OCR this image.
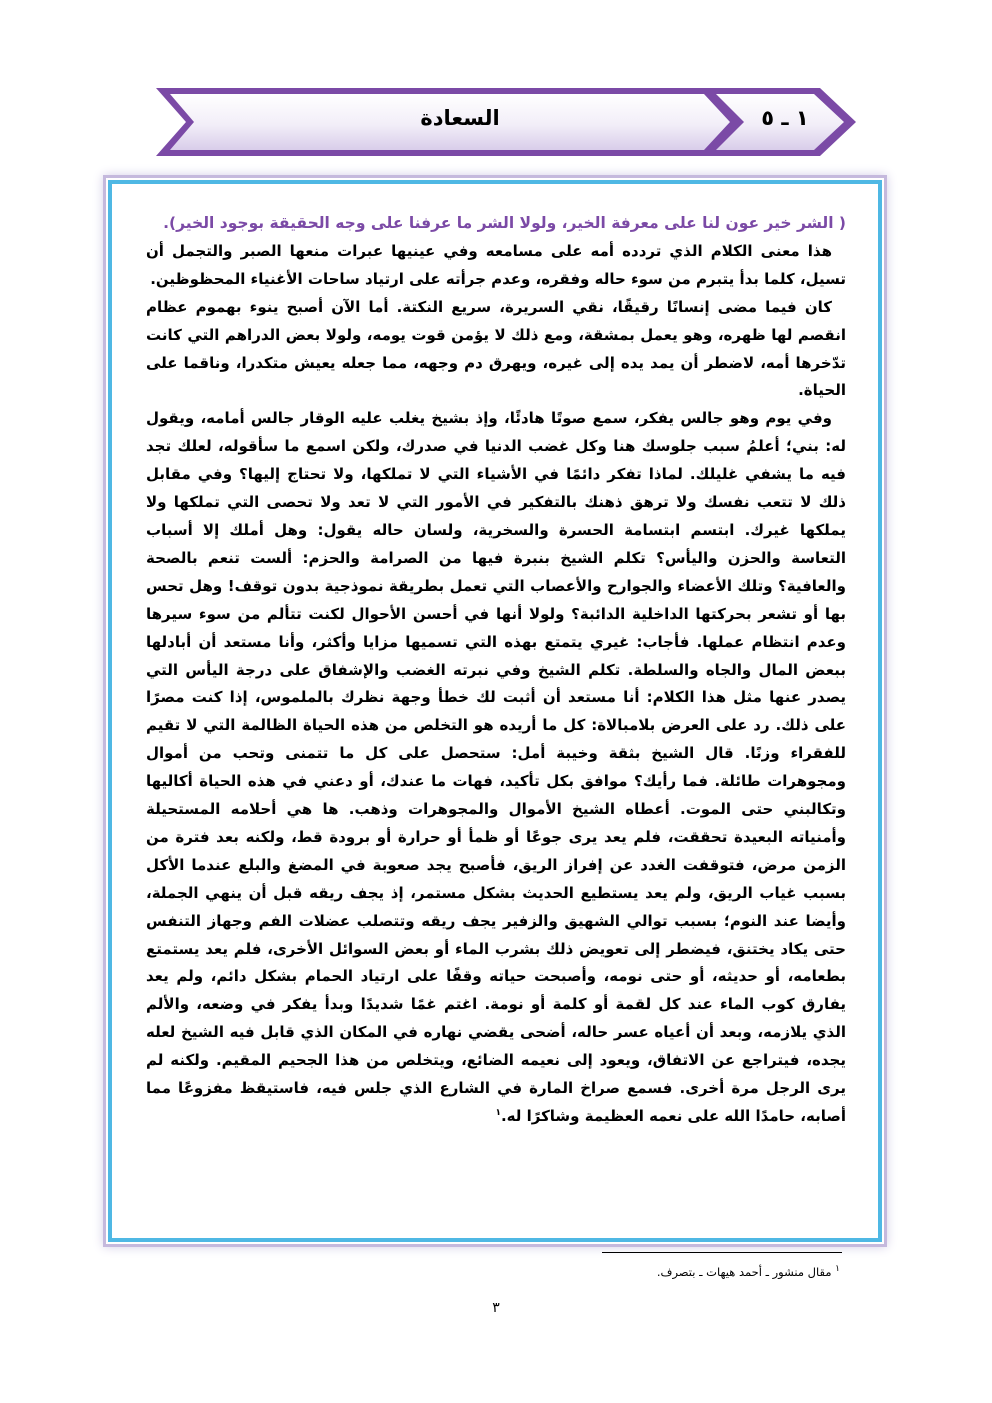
السعادة	١ ـ ٥

( الشر خير عون لنا على معرفة الخير، ولولا الشر ما عرفنا على وجه الحقيقة بوجود الخير).

هذا معنى الكلام الذي تردده أمه على مسامعه وفي عينيها عبرات منعها الصبر والتجمل أن تسيل، كلما بدأ يتبرم من سوء حاله وفقره، وعدم جرأته على ارتياد ساحات الأغنياء المحظوظين.

كان فيما مضى إنسانًا رقيقًا، نقي السريرة، سريع النكتة. أما الآن أصبح ينوء بهموم عظام انقصم لها ظهره، وهو يعمل بمشقة، ومع ذلك لا يؤمن قوت يومه، ولولا بعض الدراهم التي كانت تدّخرها أمه، لاضطر أن يمد يده إلى غيره، ويهرق دم وجهه، مما جعله يعيش متكدرا، وناقما على الحياة.

وفي يوم وهو جالس يفكر، سمع صوتًا هادئًا، وإذ بشيخ يغلب عليه الوقار جالس أمامه، ويقول له: بني؛ أعلمُ سبب جلوسك هنا وكل غضب الدنيا في صدرك، ولكن اسمع ما سأقوله، لعلك تجد فيه ما يشفي غليلك. لماذا تفكر دائمًا في الأشياء التي لا تملكها، ولا تحتاج إليها؟ وفي مقابل ذلك لا تتعب نفسك ولا ترهق ذهنك بالتفكير في الأمور التي لا تعد ولا تحصى التي تملكها ولا يملكها غيرك. ابتسم ابتسامة الحسرة والسخرية، ولسان حاله يقول: وهل أملك إلا أسباب التعاسة والحزن واليأس؟ تكلم الشيخ بنبرة فيها من الصرامة والحزم: ألست تنعم بالصحة والعافية؟ وتلك الأعضاء والجوارح والأعصاب التي تعمل بطريقة نموذجية بدون توقف! وهل تحس بها أو تشعر بحركتها الداخلية الدائبة؟ ولولا أنها في أحسن الأحوال لكنت تتألم من سوء سيرها وعدم انتظام عملها. فأجاب: غيري يتمتع بهذه التي تسميها مزايا وأكثر، وأنا مستعد أن أبادلها ببعض المال والجاه والسلطة. تكلم الشيخ وفي نبرته الغضب والإشفاق على درجة اليأس التي يصدر عنها مثل هذا الكلام: أنا مستعد أن أثبت لك خطأ وجهة نظرك بالملموس، إذا كنت مصرًا على ذلك. رد على العرض بلامبالاة: كل ما أريده هو التخلص من هذه الحياة الظالمة التي لا تقيم للفقراء وزنًا. قال الشيخ بثقة وخيبة أمل: ستحصل على كل ما تتمنى وتحب من أموال ومجوهرات طائلة. فما رأيك؟ موافق بكل تأكيد، فهات ما عندك، أو دعني في هذه الحياة أكاليها وتكالبني حتى الموت. أعطاه الشيخ الأموال والمجوهرات وذهب. ها هي أحلامه المستحيلة وأمنياته البعيدة تحققت، فلم يعد يرى جوعًا أو ظمأ أو حرارة أو برودة قط، ولكنه بعد فترة من الزمن مرض، فتوقفت الغدد عن إفراز الريق، فأصبح يجد صعوبة في المضغ والبلع عندما الأكل بسبب غياب الريق، ولم يعد يستطيع الحديث بشكل مستمر، إذ يجف ريقه قبل أن ينهي الجملة، وأيضا عند النوم؛ بسبب توالي الشهيق والزفير يجف ريقه وتتصلب عضلات الفم وجهاز التنفس حتى يكاد يختنق، فيضطر إلى تعويض ذلك بشرب الماء أو بعض السوائل الأخرى، فلم يعد يستمتع بطعامه، أو حديثه، أو حتى نومه، وأصبحت حياته وقفًا على ارتياد الحمام بشكل دائم، ولم يعد يفارق كوب الماء عند كل لقمة أو كلمة أو نومة. اغتم غمًا شديدًا وبدأ يفكر في وضعه، والألم الذي يلازمه، وبعد أن أعياه عسر حاله، أضحى يقضي نهاره في المكان الذي قابل فيه الشيخ لعله يجده، فيتراجع عن الاتفاق، ويعود إلى نعيمه الضائع، ويتخلص من هذا الجحيم المقيم. ولكنه لم يرى الرجل مرة أخرى. فسمع صراخ المارة في الشارع الذي جلس فيه، فاستيقظ مفزوعًا مما أصابه، حامدًا الله على نعمه العظيمة وشاكرًا له.$^١$

$^١$ مقال منشور ـ أحمد هيهات ـ بتصرف.
٣
